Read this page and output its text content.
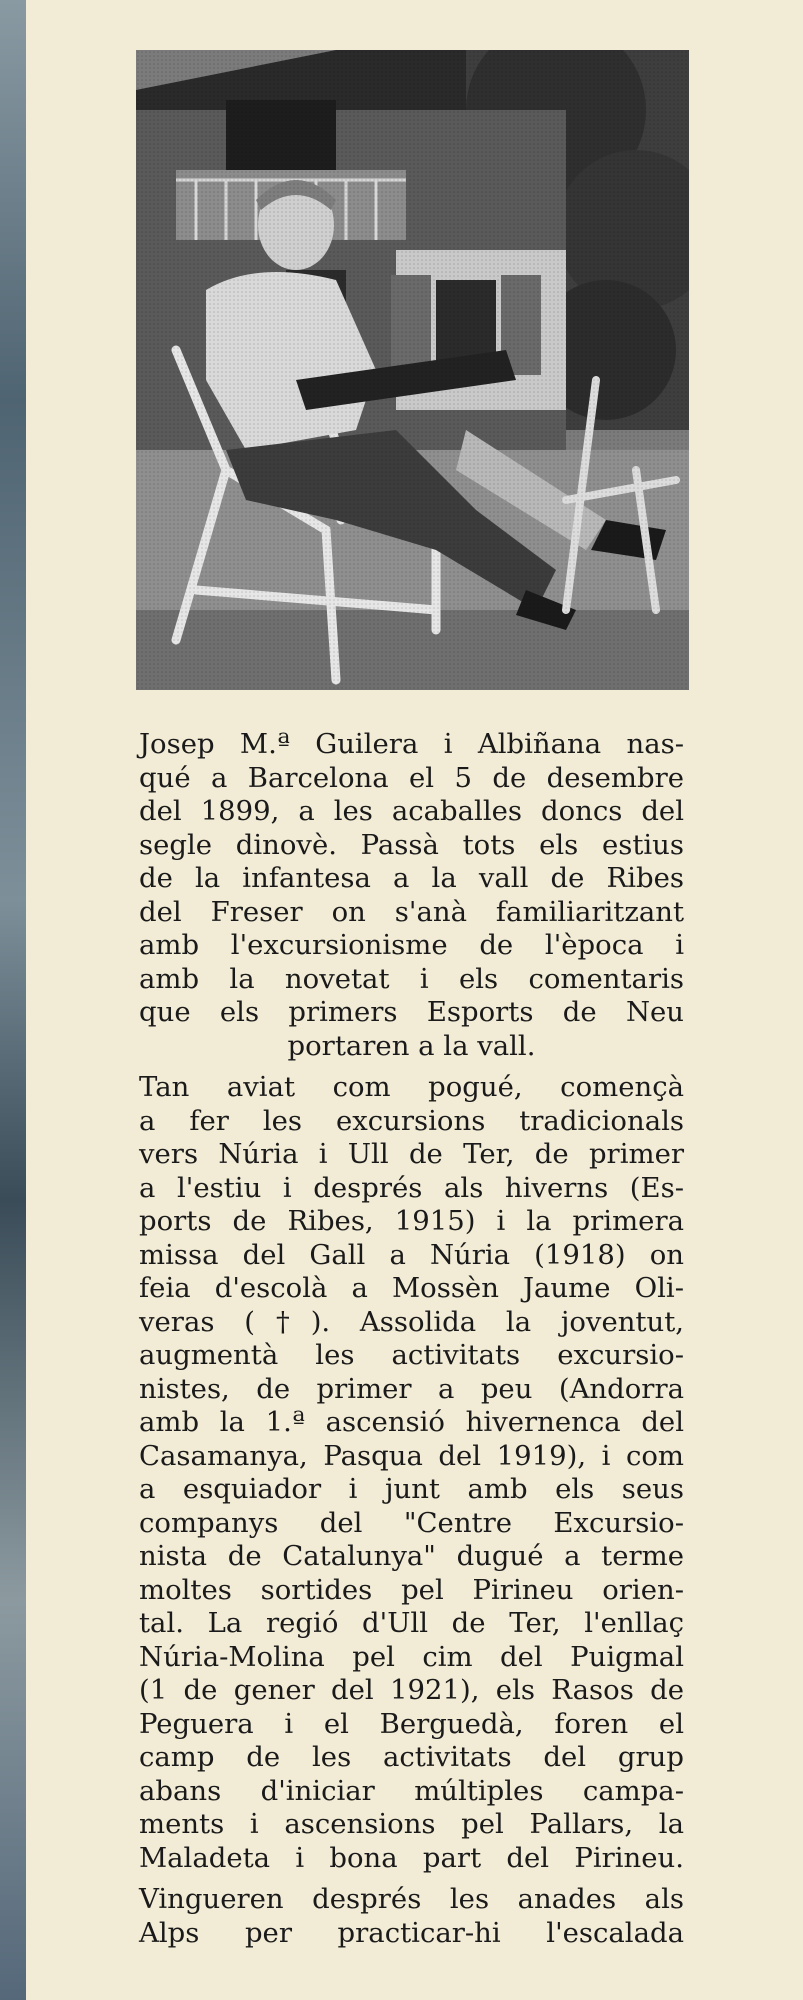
Josep M.ª Guilera i Albiñana nas-
qué a Barcelona el 5 de desembre
del 1899, a les acaballes doncs del
segle dinovè. Passà tots els estius
de la infantesa a la vall de Ribes
del Freser on s'anà familiaritzant
amb l'excursionisme de l'època i
amb la novetat i els comentaris
que els primers Esports de Neu
portaren a la vall.

Tan aviat com pogué, començà
a fer les excursions tradicionals
vers Núria i Ull de Ter, de primer
a l'estiu i després als hiverns (Es-
ports de Ribes, 1915) i la primera
missa del Gall a Núria (1918) on
feia d'escolà a Mossèn Jaume Oli-
veras (†). Assolida la joventut,
augmentà les activitats excursio-
nistes, de primer a peu (Andorra
amb la 1.ª ascensió hivernenca del
Casamanya, Pasqua del 1919), i com
a esquiador i junt amb els seus
companys del "Centre Excursio-
nista de Catalunya" dugué a terme
moltes sortides pel Pirineu orien-
tal. La regió d'Ull de Ter, l'enllaç
Núria-Molina pel cim del Puigmal
(1 de gener del 1921), els Rasos de
Peguera i el Berguedà, foren el
camp de les activitats del grup
abans d'iniciar múltiples campa-
ments i ascensions pel Pallars, la
Maladeta i bona part del Pirineu.

Vingueren després les anades als
Alps per practicar-hi l'escalada
